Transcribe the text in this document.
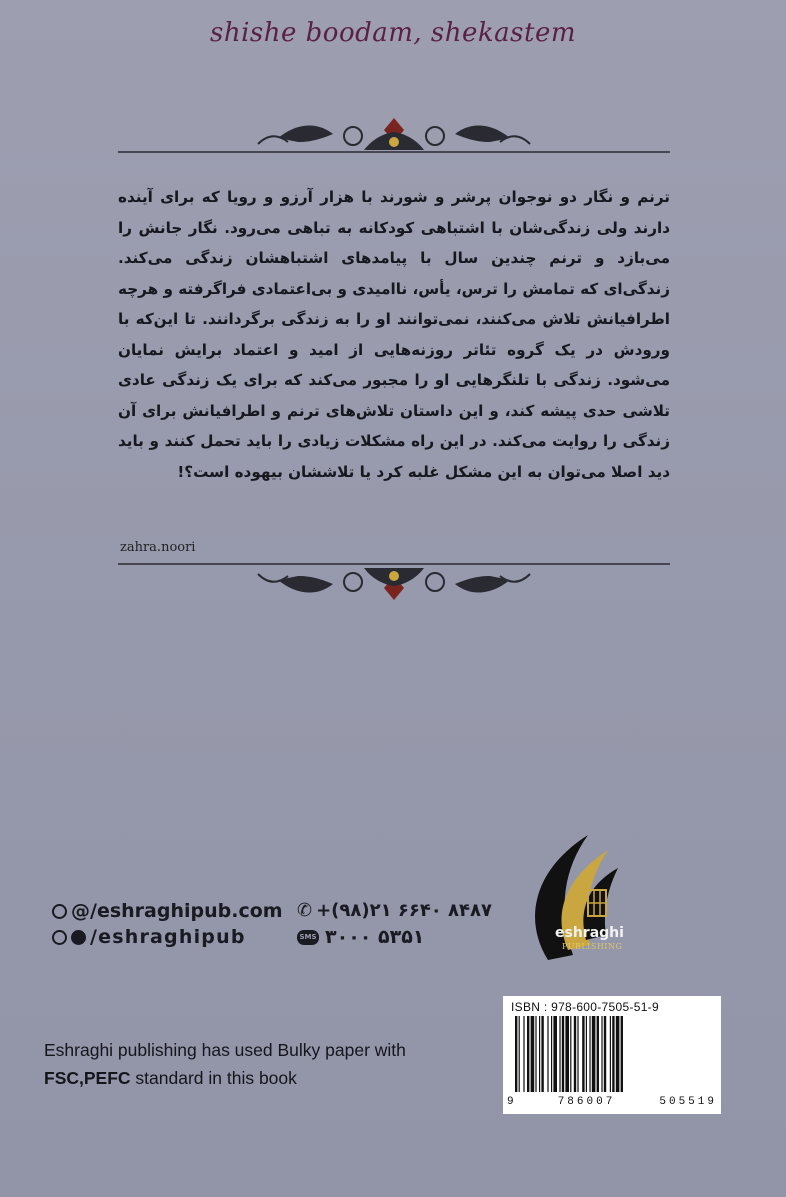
shishe boodam, shekastem
ترنم و نگار دو نوجوان پرشر و شورند با هزار آرزو و رویا که برای آینده دارند ولی زندگی‌شان با اشتباهی کودکانه به تباهی می‌رود. نگار جانش را می‌بازد و ترنم چندین سال با پیامدهای اشتباهشان زندگی می‌کند. زندگی‌ای که تمامش را ترس، یأس، ناامیدی و بی‌اعتمادی فراگرفته و هرچه اطرافیانش تلاش می‌کنند، نمی‌توانند او را به زندگی برگردانند. تا این‌که با ورودش در یک گروه تئاتر روزنه‌هایی از امید و اعتماد برایش نمایان می‌شود. زندگی با تلنگرهایی او را مجبور می‌کند که برای یک زندگی عادی تلاشی حدی پیشه کند، و این داستان تلاش‌های ترنم و اطرافیانش برای آن زندگی را روایت می‌کند. در این راه مشکلات زیادی را باید تحمل کنند و باید دید اصلا می‌توان به این مشکل غلبه کرد یا تلاششان بیهوده است؟!
zahra.noori
@/eshraghipub.com
/eshraghipub
✆ +(۹۸)۲۱ ۶۶۴۰ ۸۴۸۷
SMS ۳۰۰۰ ۵۳۵۱	eshraghi
PUBLISHING
ISBN : 978-600-7505-51-9
9	786007	505519
Eshraghi publishing has used Bulky paper with
FSC,PEFC standard in this book
